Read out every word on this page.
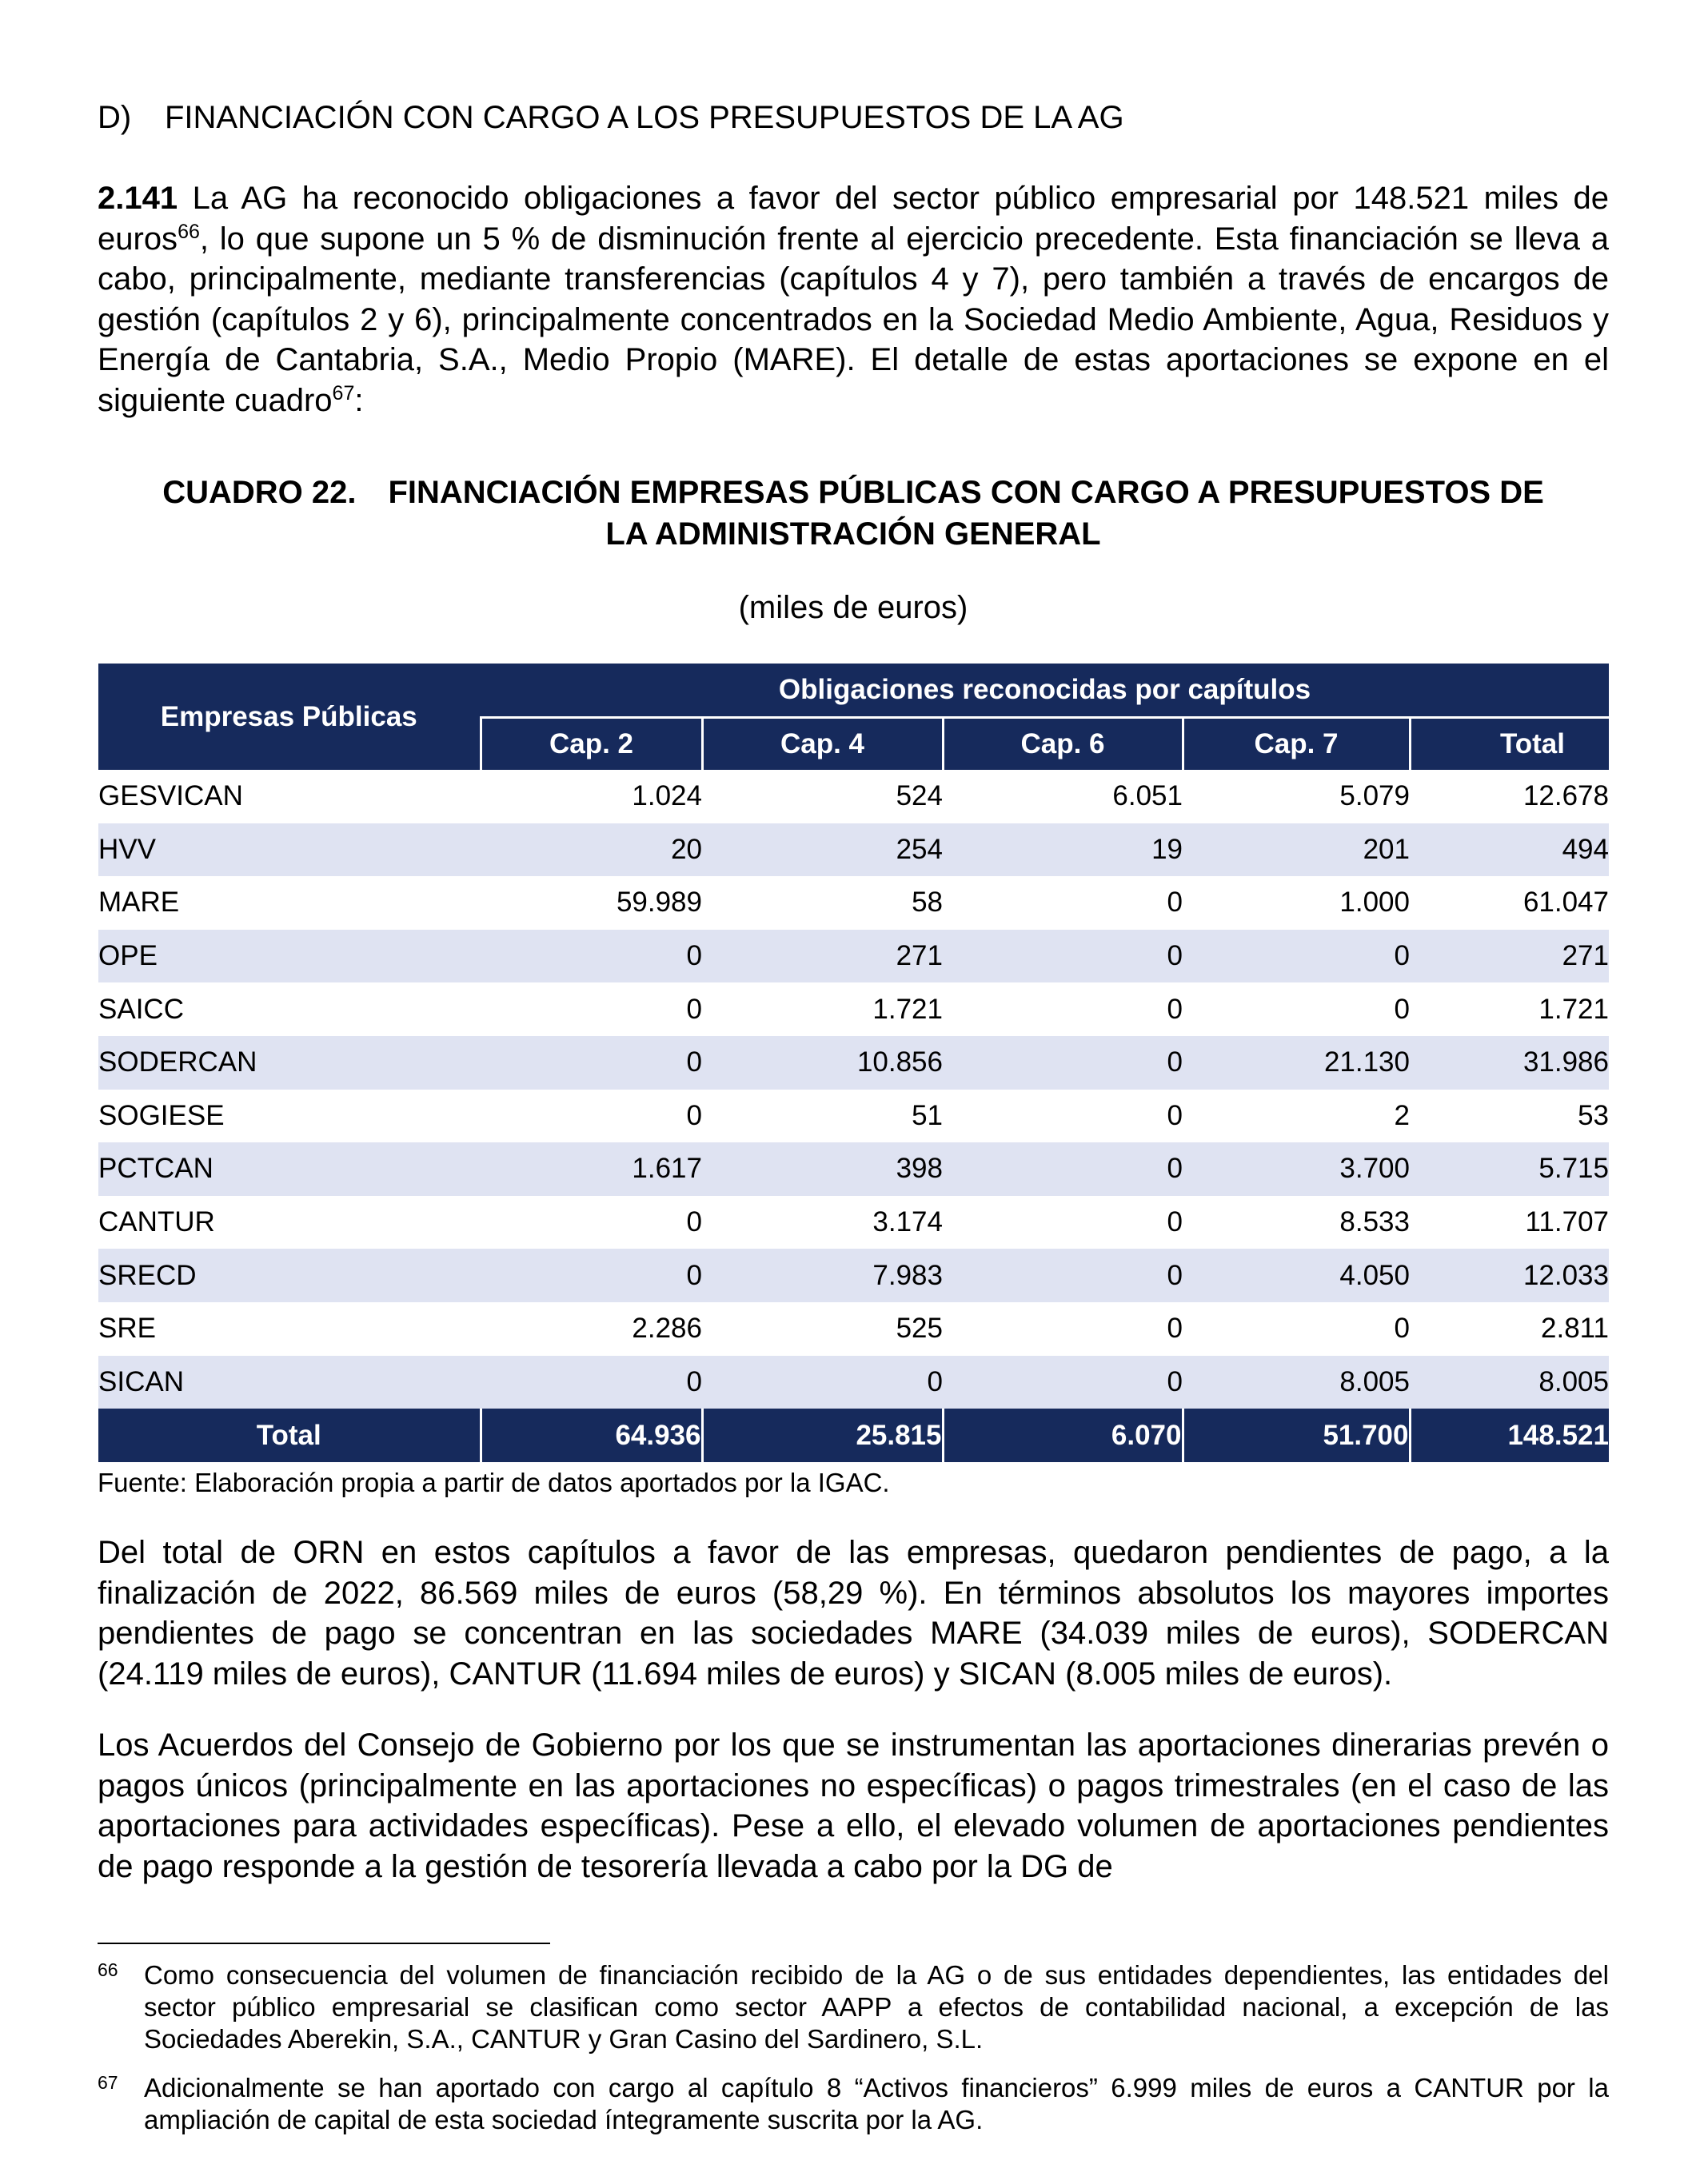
D) FINANCIACIÓN CON CARGO A LOS PRESUPUESTOS DE LA AG
2.141 La AG ha reconocido obligaciones a favor del sector público empresarial por 148.521 miles de euros$^{66}$, lo que supone un 5 % de disminución frente al ejercicio precedente. Esta financiación se lleva a cabo, principalmente, mediante transferencias (capítulos 4 y 7), pero también a través de encargos de gestión (capítulos 2 y 6), principalmente concentrados en la Sociedad Medio Ambiente, Agua, Residuos y Energía de Cantabria, S.A., Medio Propio (MARE). El detalle de estas aportaciones se expone en el siguiente cuadro$^{67}$:
CUADRO 22. FINANCIACIÓN EMPRESAS PÚBLICAS CON CARGO A PRESUPUESTOS DE
LA ADMINISTRACIÓN GENERAL
(miles de euros)
Empresas Públicas	Obligaciones reconocidas por capítulos				
	Cap. 2	Cap. 4	Cap. 6	Cap. 7	Total
GESVICAN	1.024	524	6.051	5.079	12.678
HVV	20	254	19	201	494
MARE	59.989	58	0	1.000	61.047
OPE	0	271	0	0	271
SAICC	0	1.721	0	0	1.721
SODERCAN	0	10.856	0	21.130	31.986
SOGIESE	0	51	0	2	53
PCTCAN	1.617	398	0	3.700	5.715
CANTUR	0	3.174	0	8.533	11.707
SRECD	0	7.983	0	4.050	12.033
SRE	2.286	525	0	0	2.811
SICAN	0	0	0	8.005	8.005
Total	64.936	25.815	6.070	51.700	148.521
Fuente: Elaboración propia a partir de datos aportados por la IGAC.
Del total de ORN en estos capítulos a favor de las empresas, quedaron pendientes de pago, a la finalización de 2022, 86.569 miles de euros (58,29 %). En términos absolutos los mayores importes pendientes de pago se concentran en las sociedades MARE (34.039 miles de euros), SODERCAN (24.119 miles de euros), CANTUR (11.694 miles de euros) y SICAN (8.005 miles de euros).
Los Acuerdos del Consejo de Gobierno por los que se instrumentan las aportaciones dinerarias prevén o pagos únicos (principalmente en las aportaciones no específicas) o pagos trimestrales (en el caso de las aportaciones para actividades específicas). Pese a ello, el elevado volumen de aportaciones pendientes de pago responde a la gestión de tesorería llevada a cabo por la DG de
66 Como consecuencia del volumen de financiación recibido de la AG o de sus entidades dependientes, las entidades del sector público empresarial se clasifican como sector AAPP a efectos de contabilidad nacional, a excepción de las Sociedades Aberekin, S.A., CANTUR y Gran Casino del Sardinero, S.L.
67 Adicionalmente se han aportado con cargo al capítulo 8 “Activos financieros” 6.999 miles de euros a CANTUR por la ampliación de capital de esta sociedad íntegramente suscrita por la AG.
